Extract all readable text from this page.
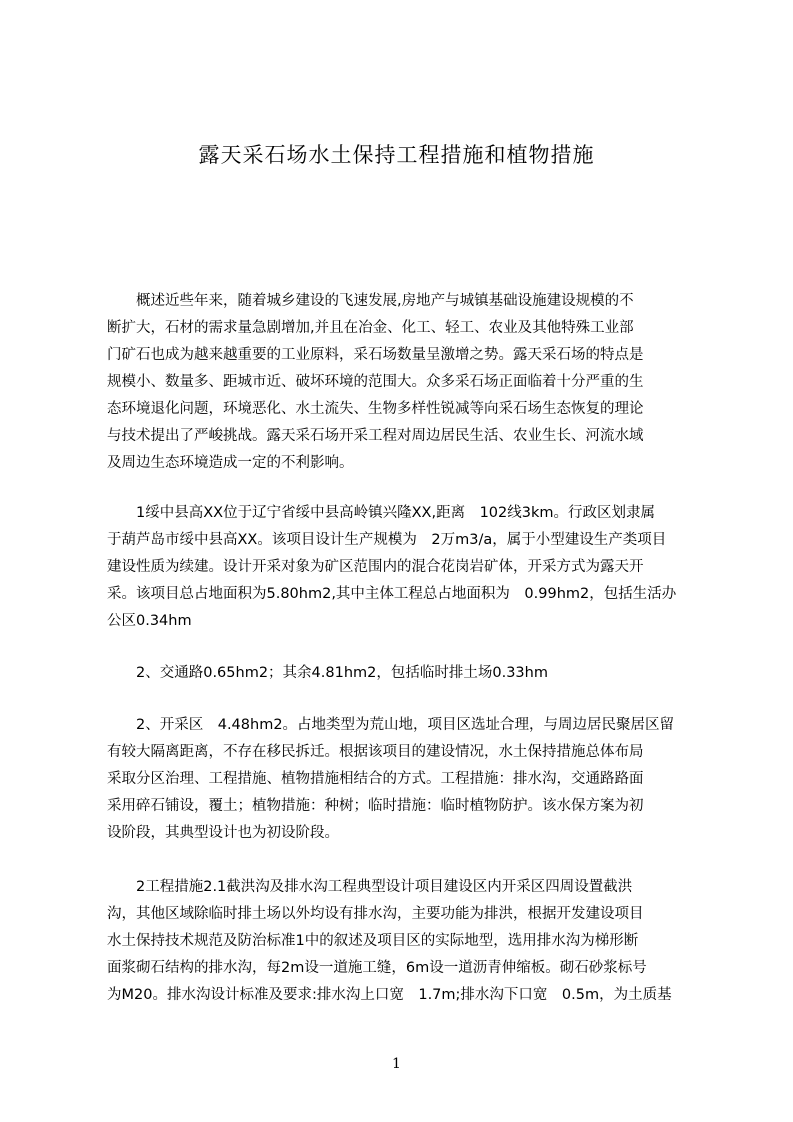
露天采石场水土保持工程措施和植物措施
　　概述近些年来，随着城乡建设的飞速发展,房地产与城镇基础设施建设规模的不
断扩大，石材的需求量急剧增加,并且在冶金、化工、轻工、农业及其他特殊工业部
门矿石也成为越来越重要的工业原料，采石场数量呈激增之势。露天采石场的特点是
规模小、数量多、距城市近、破坏环境的范围大。众多采石场正面临着十分严重的生
态环境退化问题，环境恶化、水土流失、生物多样性锐减等向采石场生态恢复的理论
与技术提出了严峻挑战。露天采石场开采工程对周边居民生活、农业生长、河流水域
及周边生态环境造成一定的不利影响。
　　1绥中县高XX位于辽宁省绥中县高岭镇兴隆XX,距离　102线3km。行政区划隶属
于葫芦岛市绥中县高XX。该项目设计生产规模为　2万m3/a，属于小型建设生产类项目
建设性质为续建。设计开采对象为矿区范围内的混合花岗岩矿体，开采方式为露天开
采。该项目总占地面积为5.80hm2,其中主体工程总占地面积为　0.99hm2，包括生活办
公区0.34hm
　　2、交通路0.65hm2；其余4.81hm2，包括临时排土场0.33hm
　　2、开采区　4.48hm2。占地类型为荒山地，项目区选址合理，与周边居民聚居区留
有较大隔离距离，不存在移民拆迁。根据该项目的建设情况，水土保持措施总体布局
采取分区治理、工程措施、植物措施相结合的方式。工程措施：排水沟，交通路路面
采用碎石铺设，覆土；植物措施：种树；临时措施：临时植物防护。该水保方案为初
设阶段，其典型设计也为初设阶段。
　　2工程措施2.1截洪沟及排水沟工程典型设计项目建设区内开采区四周设置截洪
沟，其他区域除临时排土场以外均设有排水沟，主要功能为排洪，根据开发建设项目
水土保持技术规范及防治标准1中的叙述及项目区的实际地型，选用排水沟为梯形断
面浆砌石结构的排水沟，每2m设一道施工缝，6m设一道沥青伸缩板。砌石砂浆标号
为M20。排水沟设计标准及要求:排水沟上口宽　1.7m;排水沟下口宽　0.5m，为土质基
1
